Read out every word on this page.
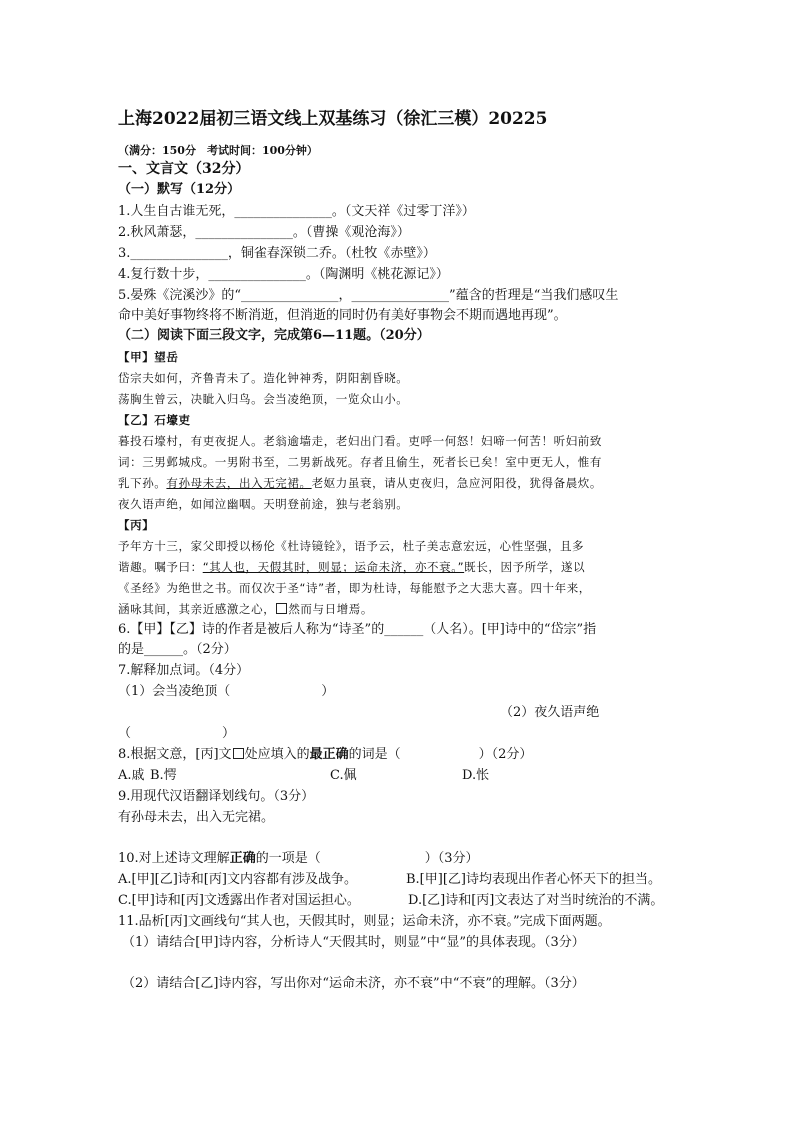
上海2022届初三语文线上双基练习（徐汇三模）20225
（满分：150分　考试时间：100分钟）
一、文言文（32分）
（一）默写（12分）
1.人生自古谁无死，_______________。（文天祥《过零丁洋》）
2.秋风萧瑟，_______________。（曹操《观沧海》）
3._______________，铜雀春深锁二乔。（杜牧《赤壁》）
4.复行数十步，_______________。（陶渊明《桃花源记》）
5.晏殊《浣溪沙》的“_______________，_______________”蕴含的哲理是“当我们感叹生
命中美好事物终将不断消逝，但消逝的同时仍有美好事物会不期而遇地再现”。
（二）阅读下面三段文字，完成第6—11题。（20分）
【甲】望岳
岱宗夫如何，齐鲁青未了。造化钟神秀，阴阳割昏晓。
荡胸生曾云，决眦入归鸟。会当凌绝顶，一览众山小。
【乙】石壕吏
暮投石壕村，有吏夜捉人。老翁逾墙走，老妇出门看。吏呼一何怒！妇啼一何苦！听妇前致
词：三男邺城戍。一男附书至，二男新战死。存者且偷生，死者长已矣！室中更无人，惟有
乳下孙。有孙母未去，出入无完裙。老妪力虽衰，请从吏夜归，急应河阳役，犹得备晨炊。
夜久语声绝，如闻泣幽咽。天明登前途，独与老翁别。
【丙】
予年方十三，家父即授以杨伦《杜诗镜铨》，语予云，杜子美志意宏远，心性坚强，且多
谐趣。嘱予曰：“其人也，天假其时，则显；运命未济，亦不衰。”既长，因予所学，遂以
《圣经》为绝世之书。而仅次于圣“诗”者，即为杜诗，每能慰予之大悲大喜。四十年来，
涵咏其间，其亲近感激之心， 然而与日增焉。
6.【甲】【乙】诗的作者是被后人称为“诗圣”的______（人名）。[甲]诗中的“岱宗”指
的是______。（2分）
7.解释加点词。（4分）
（1）会当凌绝顶（　　　　　　　）
（2）夜久语声绝
（　　　　　　　）
8.根据文意，[丙]文 处应填入的最正确的词是（　　　　　　）（2分）
A.戚 B.愕	C.佩	D.怅
9.用现代汉语翻译划线句。（3分）
有孙母未去，出入无完裙。
10.对上述诗文理解正确的一项是（　　　　　　　　）（3分）
A.[甲][乙]诗和[丙]文内容都有涉及战争。	B.[甲][乙]诗均表现出作者心怀天下的担当。
C.[甲]诗和[丙]文透露出作者对国运担心。	D.[乙]诗和[丙]文表达了对当时统治的不满。
11.品析[丙]文画线句“其人也，天假其时，则显；运命未济，亦不衰。”完成下面两题。
（1）请结合[甲]诗内容，分析诗人“天假其时，则显”中“显”的具体表现。（3分）
（2）请结合[乙]诗内容，写出你对“运命未济，亦不衰”中“不衰”的理解。（3分）
